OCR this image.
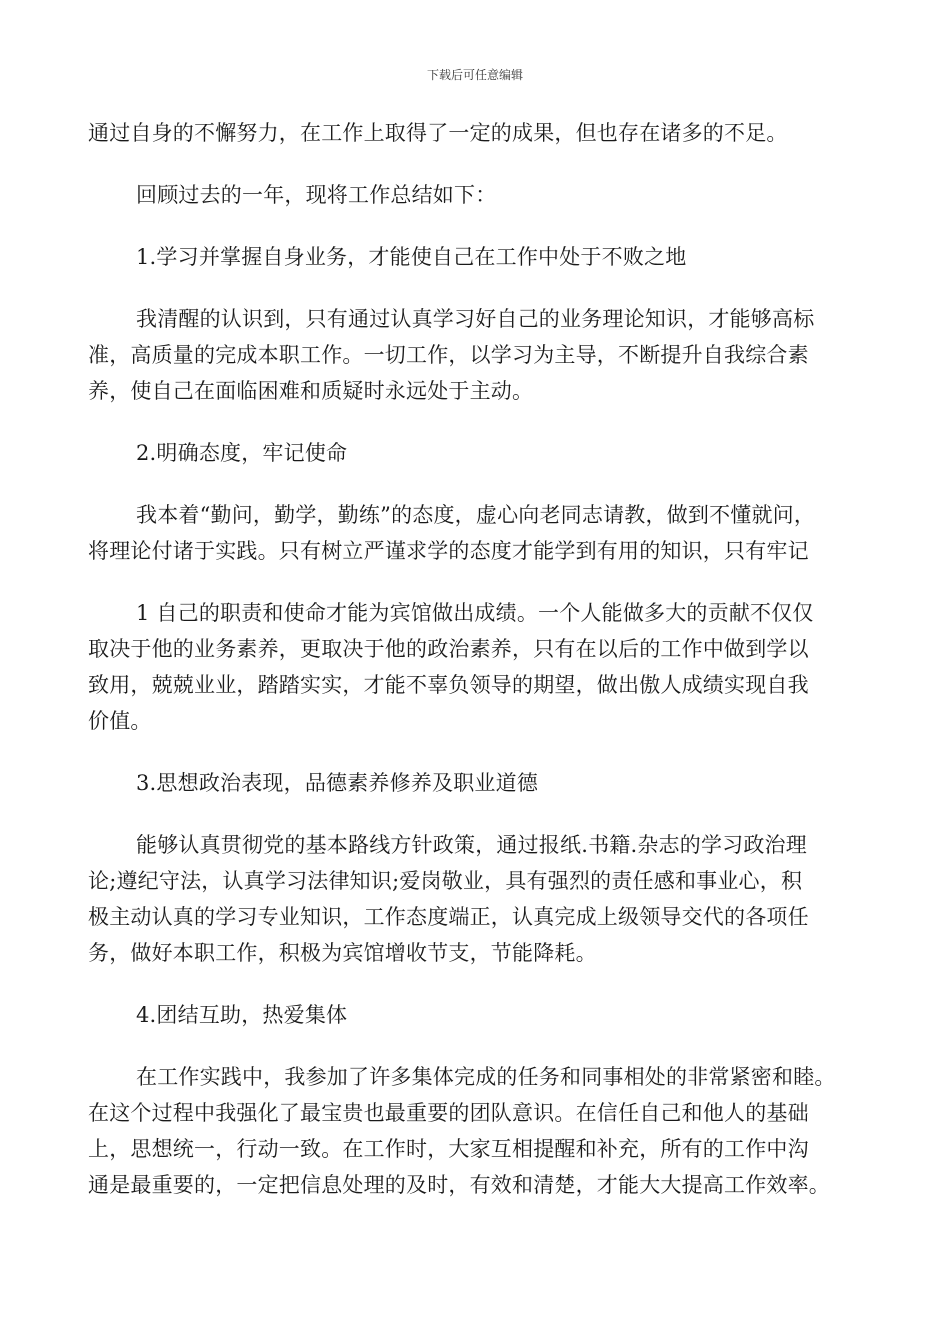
下载后可任意编辑
通过自身的不懈努力，在工作上取得了一定的成果，但也存在诸多的不足。
回顾过去的一年，现将工作总结如下：
1.学习并掌握自身业务，才能使自己在工作中处于不败之地
我清醒的认识到，只有通过认真学习好自己的业务理论知识，才能够高标
准，高质量的完成本职工作。一切工作，以学习为主导，不断提升自我综合素
养，使自己在面临困难和质疑时永远处于主动。
2.明确态度，牢记使命
我本着“勤问，勤学，勤练”的态度，虚心向老同志请教，做到不懂就问，
将理论付诸于实践。只有树立严谨求学的态度才能学到有用的知识，只有牢记
1 自己的职责和使命才能为宾馆做出成绩。一个人能做多大的贡献不仅仅
取决于他的业务素养，更取决于他的政治素养，只有在以后的工作中做到学以
致用，兢兢业业，踏踏实实，才能不辜负领导的期望，做出傲人成绩实现自我
价值。
3.思想政治表现，品德素养修养及职业道德
能够认真贯彻党的基本路线方针政策，通过报纸.书籍.杂志的学习政治理
论;遵纪守法，认真学习法律知识;爱岗敬业，具有强烈的责任感和事业心，积
极主动认真的学习专业知识，工作态度端正，认真完成上级领导交代的各项任
务，做好本职工作，积极为宾馆增收节支，节能降耗。
4.团结互助，热爱集体
在工作实践中，我参加了许多集体完成的任务和同事相处的非常紧密和睦。
在这个过程中我强化了最宝贵也最重要的团队意识。在信任自己和他人的基础
上，思想统一，行动一致。在工作时，大家互相提醒和补充，所有的工作中沟
通是最重要的，一定把信息处理的及时，有效和清楚，才能大大提高工作效率。
